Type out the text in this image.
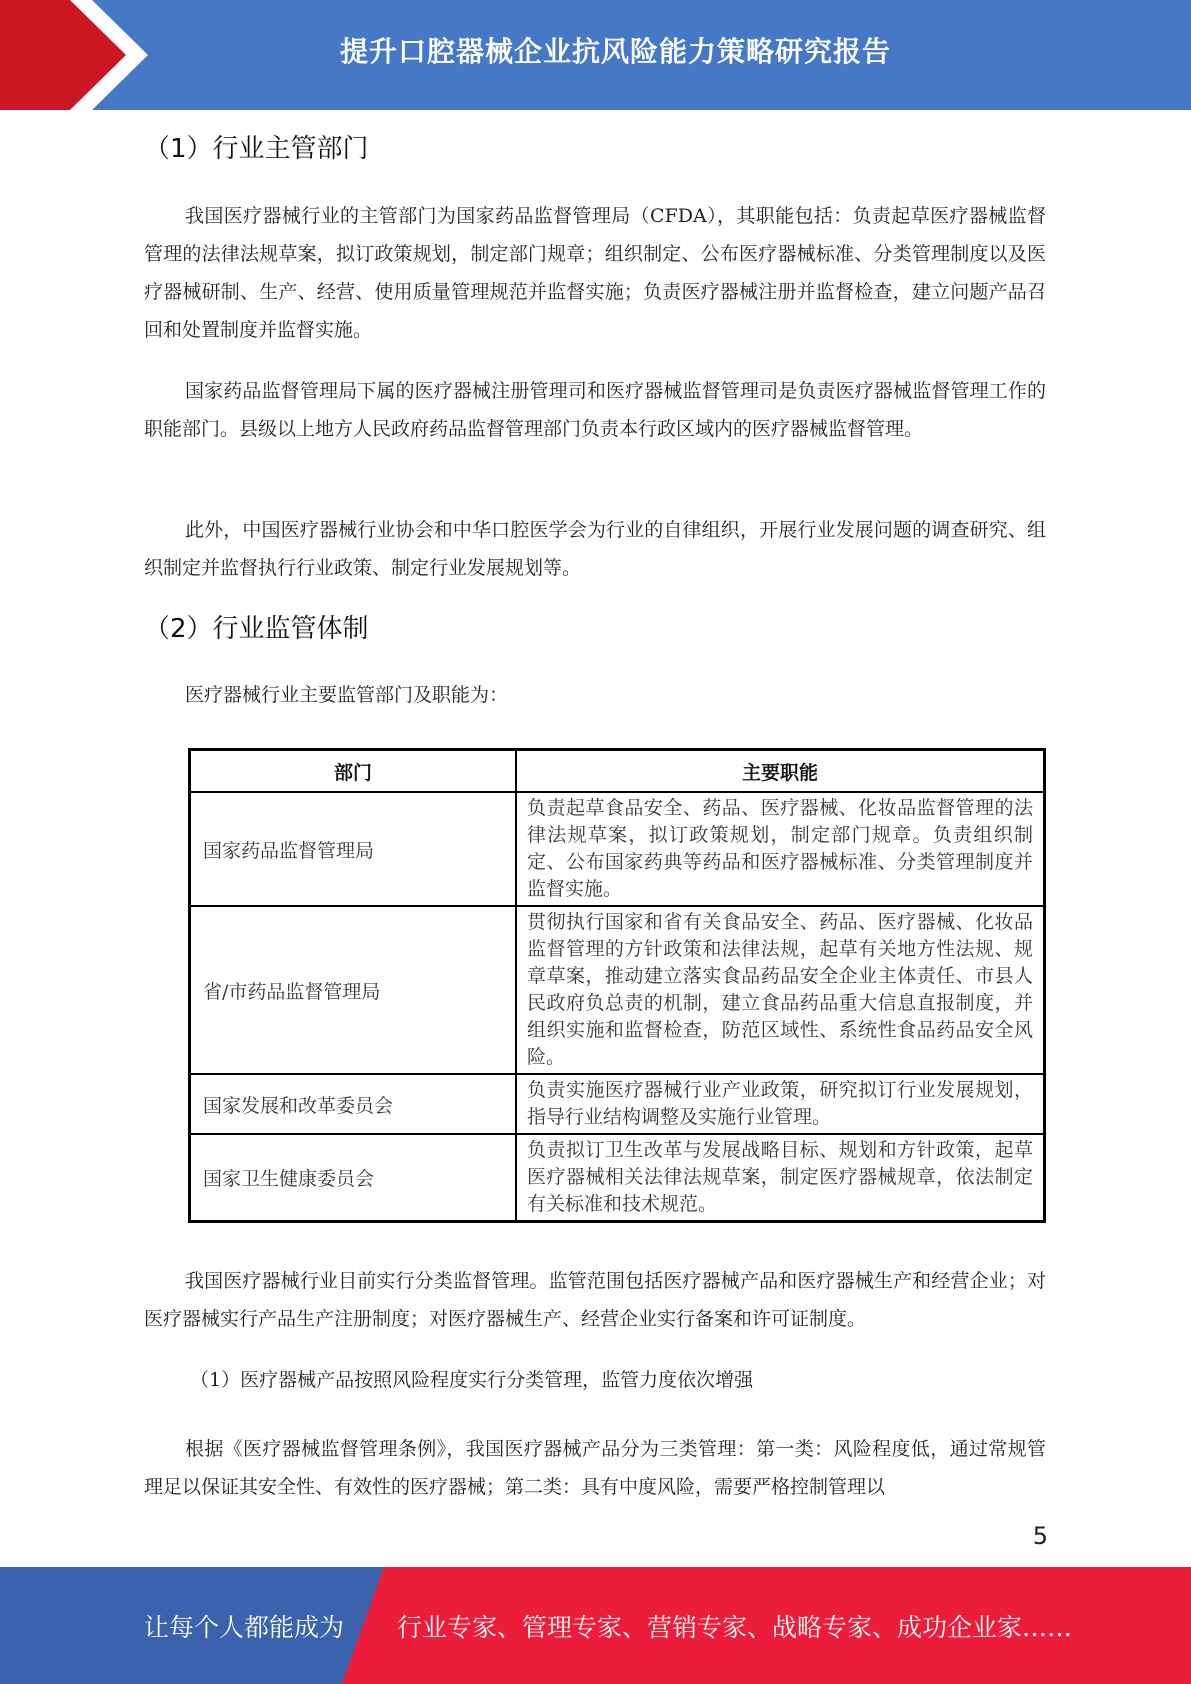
提升口腔器械企业抗风险能力策略研究报告
（1）行业主管部门

我国医疗器械行业的主管部门为国家药品监督管理局（CFDA），其职能包括：负责起草医疗器械监督管理的法律法规草案，拟订政策规划，制定部门规章；组织制定、公布医疗器械标准、分类管理制度以及医疗器械研制、生产、经营、使用质量管理规范并监督实施；负责医疗器械注册并监督检查，建立问题产品召回和处置制度并监督实施。

国家药品监督管理局下属的医疗器械注册管理司和医疗器械监督管理司是负责医疗器械监督管理工作的职能部门。县级以上地方人民政府药品监督管理部门负责本行政区域内的医疗器械监督管理。

此外，中国医疗器械行业协会和中华口腔医学会为行业的自律组织，开展行业发展问题的调查研究、组织制定并监督执行行业政策、制定行业发展规划等。

（2）行业监管体制

医疗器械行业主要监管部门及职能为：

部门	主要职能
国家药品监督管理局	负责起草食品安全、药品、医疗器械、化妆品监督管理的法律法规草案，拟订政策规划，制定部门规章。负责组织制定、公布国家药典等药品和医疗器械标准、分类管理制度并监督实施。
省/市药品监督管理局	贯彻执行国家和省有关食品安全、药品、医疗器械、化妆品监督管理的方针政策和法律法规，起草有关地方性法规、规章草案，推动建立落实食品药品安全企业主体责任、市县人民政府负总责的机制，建立食品药品重大信息直报制度，并组织实施和监督检查，防范区域性、系统性食品药品安全风险。
国家发展和改革委员会	负责实施医疗器械行业产业政策，研究拟订行业发展规划，指导行业结构调整及实施行业管理。
国家卫生健康委员会	负责拟订卫生改革与发展战略目标、规划和方针政策，起草医疗器械相关法律法规草案，制定医疗器械规章，依法制定有关标准和技术规范。

我国医疗器械行业目前实行分类监督管理。监管范围包括医疗器械产品和医疗器械生产和经营企业；对医疗器械实行产品生产注册制度；对医疗器械生产、经营企业实行备案和许可证制度。

（1）医疗器械产品按照风险程度实行分类管理，监管力度依次增强

根据《医疗器械监督管理条例》，我国医疗器械产品分为三类管理：第一类：风险程度低，通过常规管理足以保证其安全性、有效性的医疗器械；第二类：具有中度风险，需要严格控制管理以

5
让每个人都能成为 行业专家、管理专家、营销专家、战略专家、成功企业家……
